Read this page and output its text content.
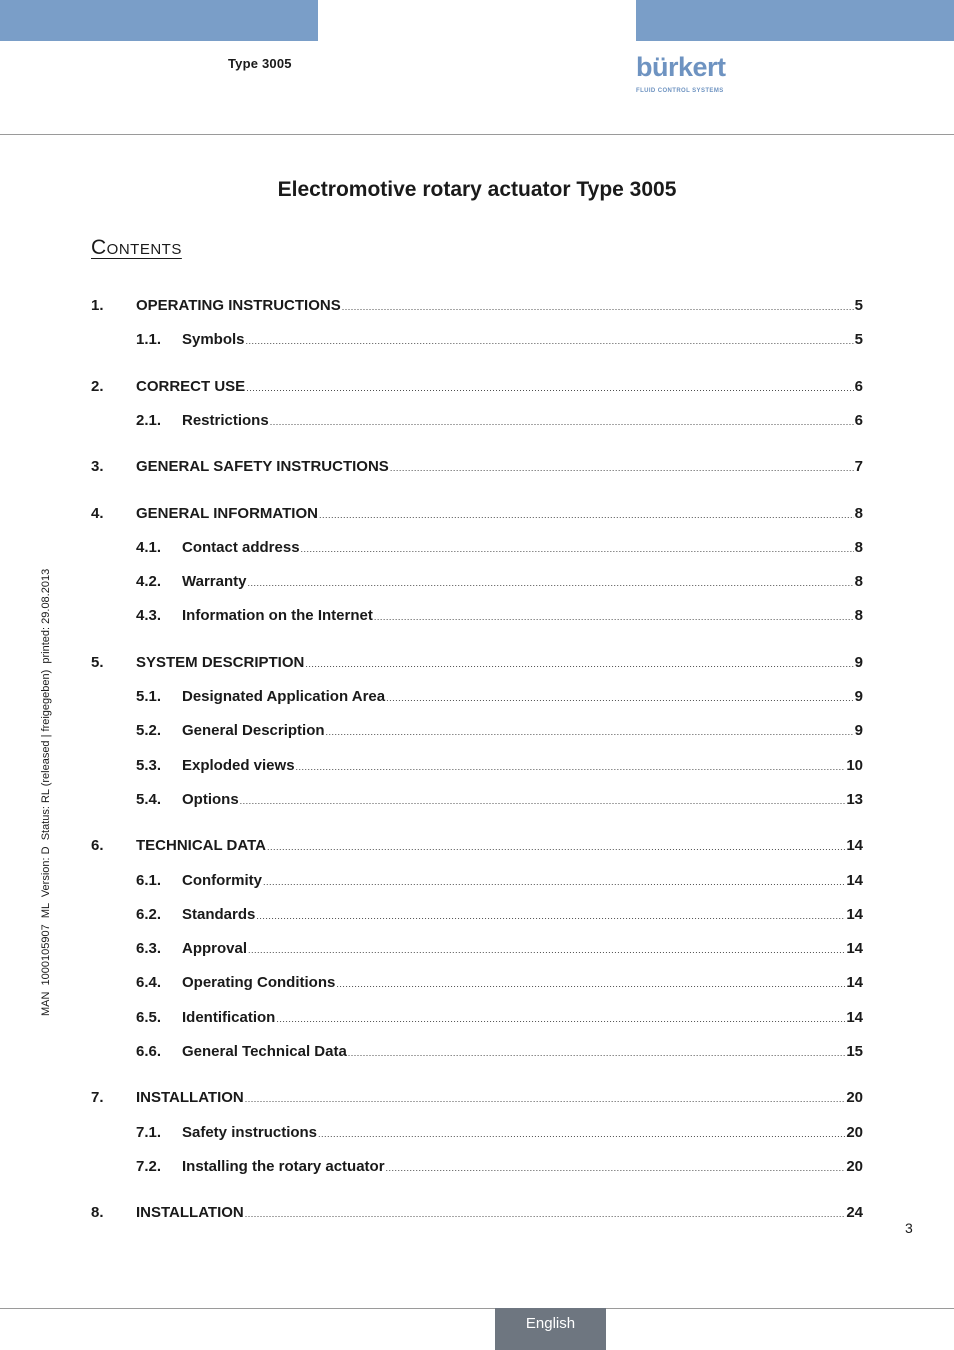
Type 3005	bürkert
FLUID CONTROL SYSTEMS
Electromotive rotary actuator Type 3005
Contents
1.	OPERATING INSTRUCTIONS .....	5
1.1.	Symbols .....	5
2.	CORRECT USE .....	6
2.1.	Restrictions .....	6
3.	GENERAL SAFETY INSTRUCTIONS .....	7
4.	GENERAL INFORMATION .....	8
4.1.	Contact address .....	8
4.2.	Warranty .....	8
4.3.	Information on the Internet .....	8
5.	SYSTEM DESCRIPTION .....	9
5.1.	Designated Application Area .....	9
5.2.	General Description .....	9
5.3.	Exploded views .....	10
5.4.	Options .....	13
6.	TECHNICAL DATA .....	14
6.1.	Conformity .....	14
6.2.	Standards .....	14
6.3.	Approval .....	14
6.4.	Operating Conditions .....	14
6.5.	Identification .....	14
6.6.	General Technical Data .....	15
7.	INSTALLATION .....	20
7.1.	Safety instructions .....	20
7.2.	Installing the rotary actuator .....	20
8.	INSTALLATION .....	24
MAN  1000105907  ML  Version: D  Status: RL (released | freigegeben)  printed: 29.08.2013
3
English
